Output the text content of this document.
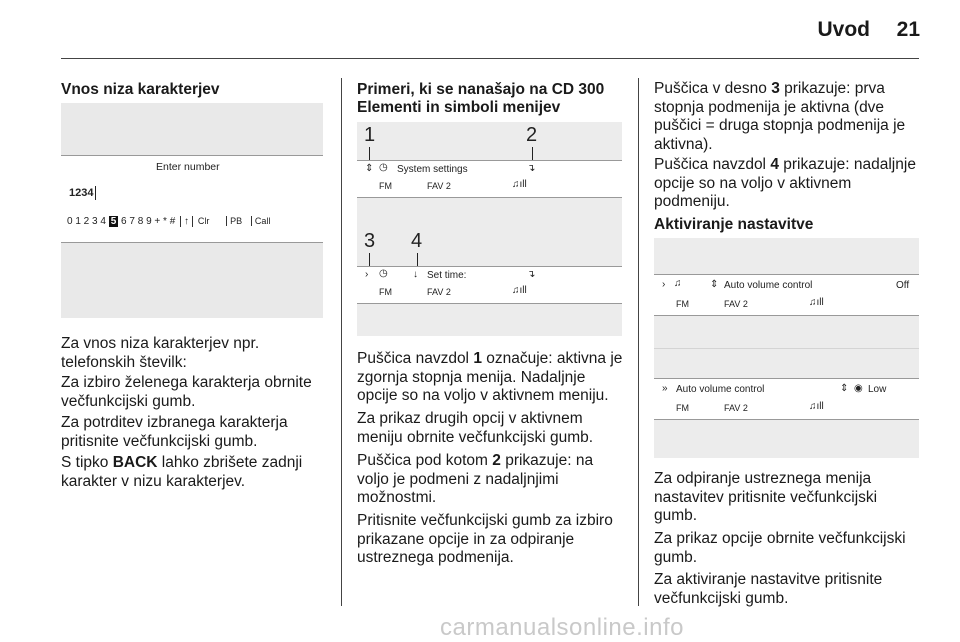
Uvod	21
Vnos niza karakterjev
Enter number
1234
0 1 2 3 4 5 6 7 8 9 + * # ↑ Clr PB Call

Za vnos niza karakterjev npr. telefonskih številk:

Za izbiro želenega karakterja obrnite večfunkcijski gumb.

Za potrditev izbranega karakterja pritisnite večfunkcijski gumb.

S tipko BACK lahko zbrišete zadnji karakter v nizu karakterjev.

Primeri, ki se nanašajo na CD 300
Elementi in simboli menijev
1	2
⇕ ◷ System settings	↴
FM	FAV 2	♫ıll
3 4
› ◷	↓ Set time:	↴
FM	FAV 2	♫ıll

Puščica navzdol 1 označuje: aktivna je zgornja stopnja menija. Nadaljnje opcije so na voljo v aktivnem meniju.

Za prikaz drugih opcij v aktivnem meniju obrnite večfunkcijski gumb.

Puščica pod kotom 2 prikazuje: na voljo je podmeni z nadaljnjimi možnostmi.

Pritisnite večfunkcijski gumb za izbiro prikazane opcije in za odpiranje ustreznega podmenija.

Puščica v desno 3 prikazuje: prva stopnja podmenija je aktivna (dve puščici = druga stopnja podmenija je aktivna).

Puščica navzdol 4 prikazuje: nadaljnje opcije so na voljo v aktivnem podmeniju.

Aktiviranje nastavitve
› ♫	⇕ Auto volume control	Off
FM	FAV 2	♫ıll
» Auto volume control	⇕ ◉ Low
FM	FAV 2	♫ıll

Za odpiranje ustreznega menija nastavitev pritisnite večfunkcijski gumb.

Za prikaz opcije obrnite večfunkcijski gumb.

Za aktiviranje nastavitve pritisnite večfunkcijski gumb.

carmanualsonline.info
